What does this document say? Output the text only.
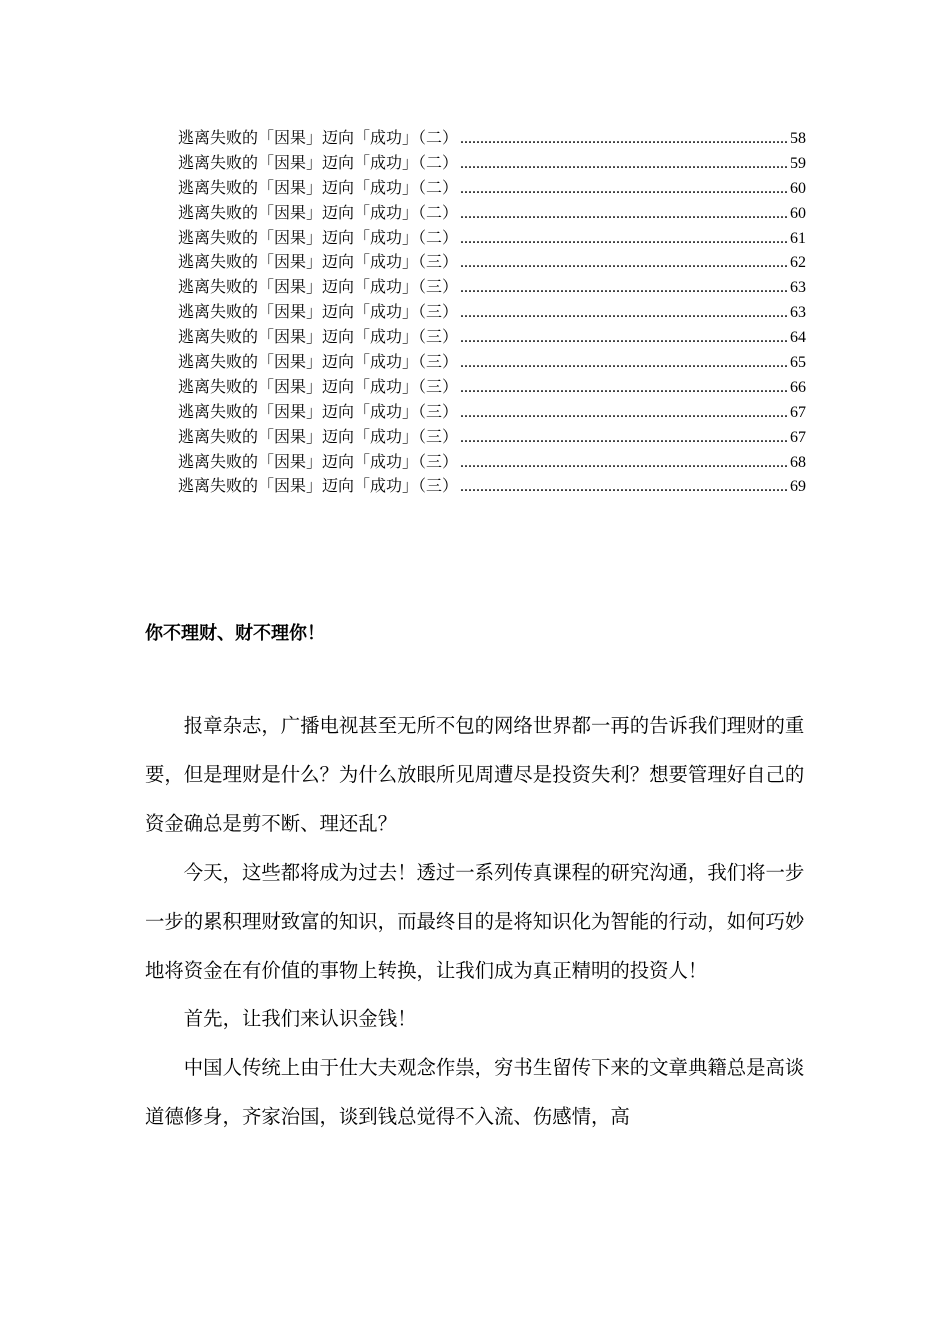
逃离失败的「因果」迈向「成功」（二） .....	58
逃离失败的「因果」迈向「成功」（二） .....	59
逃离失败的「因果」迈向「成功」（二） .....	60
逃离失败的「因果」迈向「成功」（二） .....	60
逃离失败的「因果」迈向「成功」（二） .....	61
逃离失败的「因果」迈向「成功」（三） .....	62
逃离失败的「因果」迈向「成功」（三） .....	63
逃离失败的「因果」迈向「成功」（三） .....	63
逃离失败的「因果」迈向「成功」（三） .....	64
逃离失败的「因果」迈向「成功」（三） .....	65
逃离失败的「因果」迈向「成功」（三） .....	66
逃离失败的「因果」迈向「成功」（三） .....	67
逃离失败的「因果」迈向「成功」（三） .....	67
逃离失败的「因果」迈向「成功」（三） .....	68
逃离失败的「因果」迈向「成功」（三） .....	69
你不理财、财不理你！

报章杂志，广播电视甚至无所不包的网络世界都一再的告诉我们理财的重要，但是理财是什么？为什么放眼所见周遭尽是投资失利？想要管理好自己的资金确总是剪不断、理还乱？

今天，这些都将成为过去！透过一系列传真课程的研究沟通，我们将一步一步的累积理财致富的知识，而最终目的是将知识化为智能的行动，如何巧妙地将资金在有价值的事物上转换，让我们成为真正精明的投资人！

首先，让我们来认识金钱！

中国人传统上由于仕大夫观念作祟，穷书生留传下来的文章典籍总是高谈道德修身，齐家治国，谈到钱总觉得不入流、伤感情，高
